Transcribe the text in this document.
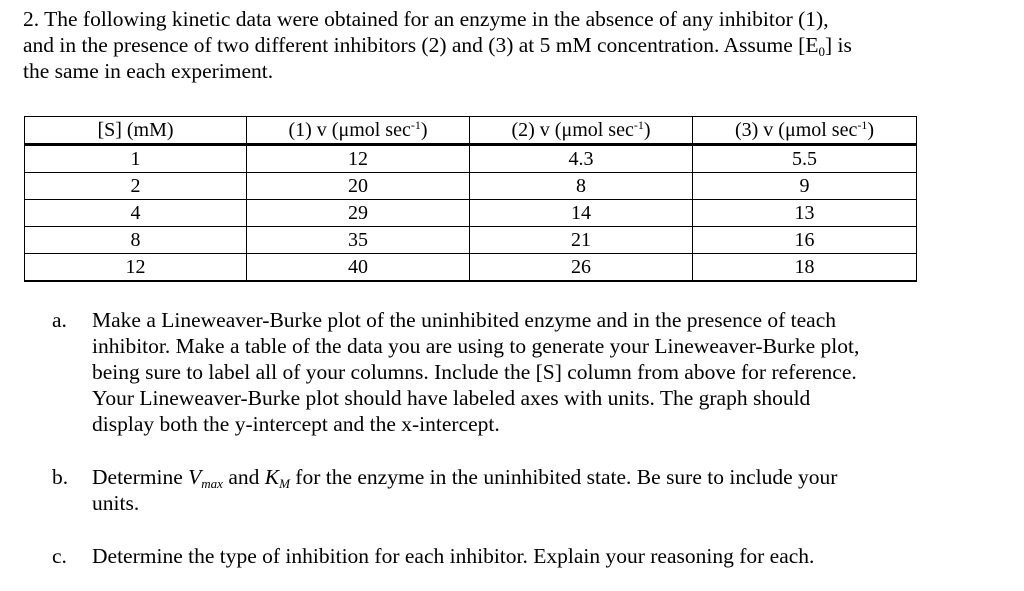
2. The following kinetic data were obtained for an enzyme in the absence of any inhibitor (1),

and in the presence of two different inhibitors (2) and (3) at 5 mM concentration. Assume $[E_0]$ is

the same in each experiment.

[S] (mM)	(1) v (μmol $\sec^{-1}$)	(2) v (μmol $\sec^{-1}$)	(3) v (μmol $\sec^{-1}$)
1	12	4.3	5.5
2	20	8	9
4	29	14	13
8	35	21	16
12	40	26	18
a. Make a Lineweaver-Burke plot of the uninhibited enzyme and in the presence of teach
inhibitor. Make a table of the data you are using to generate your Lineweaver-Burke plot,
being sure to label all of your columns. Include the [S] column from above for reference.
Your Lineweaver-Burke plot should have labeled axes with units. The graph should
display both the y-intercept and the x-intercept.
b. Determine $V_{max}$ and $K_M$ for the enzyme in the uninhibited state. Be sure to include your
units.
c. Determine the type of inhibition for each inhibitor. Explain your reasoning for each.
